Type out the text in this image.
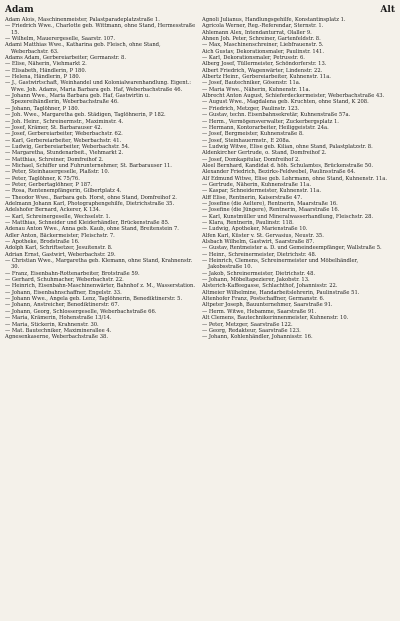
Adam	Alt

Adam Alois, Maschinenmeister, Palastparadeplatzstraße 1.

— Friedrich Wwe., Charlotte geb. Wittmann, ohne Stand, Hermesstraße 15.

— Wilhelm, Mauerergeselle, Saarstr. 107.

Adami Matthias Wwe., Katharina geb. Fleisch, ohne Stand, Weberbachstr. 63.

Adams Adam, Gerbereiarbeiter, Germanstr. 8.

— Elise, Näherin, Viehmarkt 2.

— Elisabeth, Händlerin, P 180.

— Helena, Händlerin, P 180.

— J., Gastwirtschaft, Weinhandel und Kolonialwarenhandlung. Eigent.: Wwe. Joh. Adams, Maria Barbara geb. Haf, Weberbachstraße 46.

— Johann Wwe., Maria Barbara geb. Haf, Gastwirtin u. Spezereihändlerin, Weberbachstraße 46.

— Johann, Taglöhner, P 180.

— Joh. Wwe., Margaretha geb. Städigen, Taglöhnerin, P 182.

— Joh. Heinr., Schreinermstr., Maximinstr. 4.

— Josef, Krämer, St. Barbarauser 42.

— Josef, Gerbereiarbeiter, Weberbachstr. 62.

— Karl, Gerbereiarbeiter, Weberbachstr. 41.

— Ludwig, Gerbereiarbeiter, Weberbachstr. 54.

— Margaretha, Stundenarbeit., Viehmarkt 2.

— Matthias, Schreiner, Domfreihof 2.

— Michael, Schiffer und Fuhrunternehmer, St. Barbarauser 11.

— Peter, Steinhauergeselle, Plaßstr. 10.

— Peter, Taglöhner, K 75/76.

— Peter, Gerbertaglöhner, P 187.

— Rosa, Rentenempfängerin, Gilbertplatz 4.

— Theodor Wwe., Barbara geb. Horst, ohne Stand, Domfreihof 2.

Adelmann Johann Karl, Photographengehilfe, Dietrichstraße 35.

Adelshofer Bernard, Ackerer, K 134.

— Karl, Schreinergeselle, Wechselstr. 1.

— Matthias, Schneider und Kleiderhändler, Brückenstraße 85.

Adenau Anton Wwe., Anna geb. Kaub, ohne Stand, Breitenstein 7.

Adler Anton, Bäckermeister, Fleischstr. 7.

— Apotheke, Brodstraße 16.

Adolph Karl, Schriftsetzer, Jesuitenstr. 8.

Adrian Ernst, Gastwirt, Weberbachstr. 29.

— Christian Wwe., Margaretha geb. Klemann, ohne Stand, Krahnenstr. 30.

— Franz, Eisenbahn-Rottenarbeiter, Brotstraße 59.

— Gerhard, Schuhmacher, Weberbachstr. 22.

— Heinrich, Eisenbahn-Maschinenwärter, Bahnhof z. M., Wasserstation.

— Johann, Eisenbahnschaffner, Engelstr. 33.

— Johann Wwe., Angela geb. Lenz, Taglöhnerin, Benediktinerstr. 5.

— Johann, Anstreicher, Benediktinerstr. 67.

— Johann, Georg, Schlossergeselle, Weberbachstraße 66.

— Maria, Krämerin, Hohenstraße 13/14.

— Maria, Stickerin, Krahnenstr. 30.

— Mat. Bautechniker, Maximinerallee 4.

Agnesenkaserne, Weberbachstraße 38.

Agnoli Julianus, Handlungsgehilfe, Konstantinsplatz 1.

Agricola Werner, Reg.-Referendar, Sternstr. 1.

Ahlemann Alex, Intendanturrat, Olaller 9.

Ahnen Joh. Peter, Schreiner, Gartenfeldstr. 8.

— Max, Maschinenschreiner, Liebfrauenstr. 5.

Aich Gustav, Dekorationsmaler, Paulinstr. 141.

— Karl, Dekorationsmaler, Petrusstr. 6.

Alberg Josef, Tüllermeister, Schöndorferstr. 13.

Albert Friedrich, Wagenwärter, Lindenstr. 22.

Albertz Heinr., Gerbereiarbeiter, Kuhnenstr. 11a.

— Josef, Bautechniker, Gösenstr. 11a.

— Maria Wwe., Näherin, Kuhnenstr. 11a.

Albrecht Anton August, Schieferdeckermeister, Weberbachstraße 43.

— August Wwe., Magdalena geb. Kruchten, ohne Stand, K 208.

— Friedrich, Metzger, Paulinstr. 123.

— Gustav, techn. Eisenbahnsekretär, Kuhnenstraße 57a.

— Herm., Vermögensverwalter, Zuckerbergsplatz 1.

— Hermann, Kontorarbeiter, Heiliggeiststr. 24a.

— Josef, Bergmeister, Kuhnenstraße 8.

— Josef, Steinhauermstr., E 208a.

— Ludwig Witwe, Elise geb. Kilian, ohne Stand, Palastplatzstr. 8.

Aldenkircher Gertrude, o. Stand, Domfreihof 2.

— Josef, Domkapitular, Domfreihof 2.

Aleel Bernhard, Kandidat d. höh. Schulamtes, Brückenstraße 50.

Alexander Friedrich, Bezirks-Feldwebel, Paulinsstraße 64.

Alf Edmund Witwe, Elise geb. Lohrmann, ohne Stand, Kuhnenstr. 11a.

— Gertrude, Näherin, Kuhnenstraße 11a.

— Kaspar, Schneidermeister, Kuhnenstr. 11a.

Alff Elise, Rentnerin, Kaiserstraße 47.

— Josefine (die Aeltere), Rentnerin, Maarstraße 16.

— Josefine (die Jüngere), Rentnerin, Maarstraße 16.

— Karl, Kunstmüller und Mineralwasserhandlung, Fleischstr. 28.

— Klara, Rentnerin, Paulinstr. 118.

— Ludwig, Apotheker, Marienstraße 10.

Alfen Karl, Küster v. St. Gervasius, Neustr. 35.

Alsbach Wilhelm, Gastwirt, Saarstraße 87.

— Gustav, Rentmeister a. D. und Gemeindeempfänger, Wallstraße 5.

— Heinr., Schreinermeister, Dietrichstr. 48.

— Heinrich, Clemens, Schreinermeister und Möbelhändler, Jakobsstraße 10.

— Jakob, Schreinermeister, Dietrichstr. 48.

— Johann, Möbeltapezierer, Jakobstr. 13.

Alsterich-Kaffeegasse, Schlachthof, Johannisstr. 22.

Altmeier Wilhelmine, Handarbeitslehrerin, Paulinstraße 51.

Altenhofer Franz, Postschaffner, Germanstr. 6.

Altpeter Joseph, Bauunternehmer, Saarstraße 91.

— Herm. Witwe, Hebamme, Saarstraße 91.

Alt Clemens, Bautechnikerinnenmeister, Kuhnenstr. 10.

— Peter, Metzger, Saarstraße 122.

— Georg, Redakteur, Saarstraße 123.

— Johann, Kohlenhändler, Johannisstr. 16.
